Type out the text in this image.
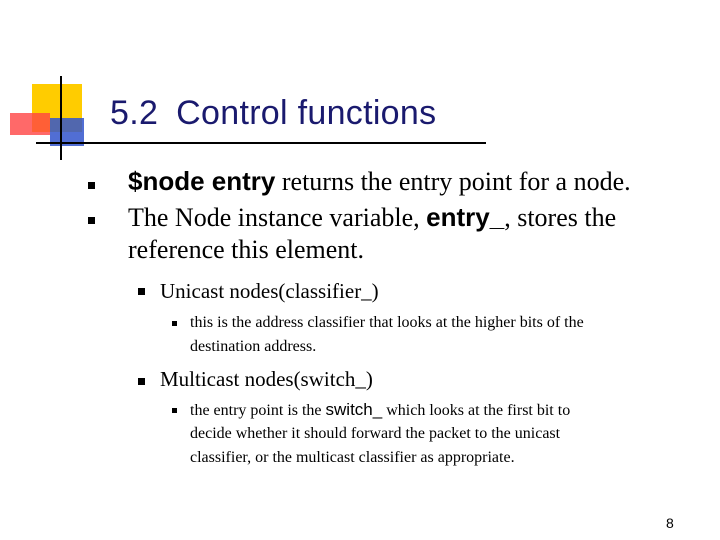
5.2 Control functions
$node entry returns the entry point for a node.
The Node instance variable, entry_, stores the
reference this element.
Unicast nodes(classifier_)
this is the address classifier that looks at the higher bits of the
destination address.
Multicast nodes(switch_)
the entry point is the switch_ which looks at the first bit to
decide whether it should forward the packet to the unicast
classifier, or the multicast classifier as appropriate.
8
